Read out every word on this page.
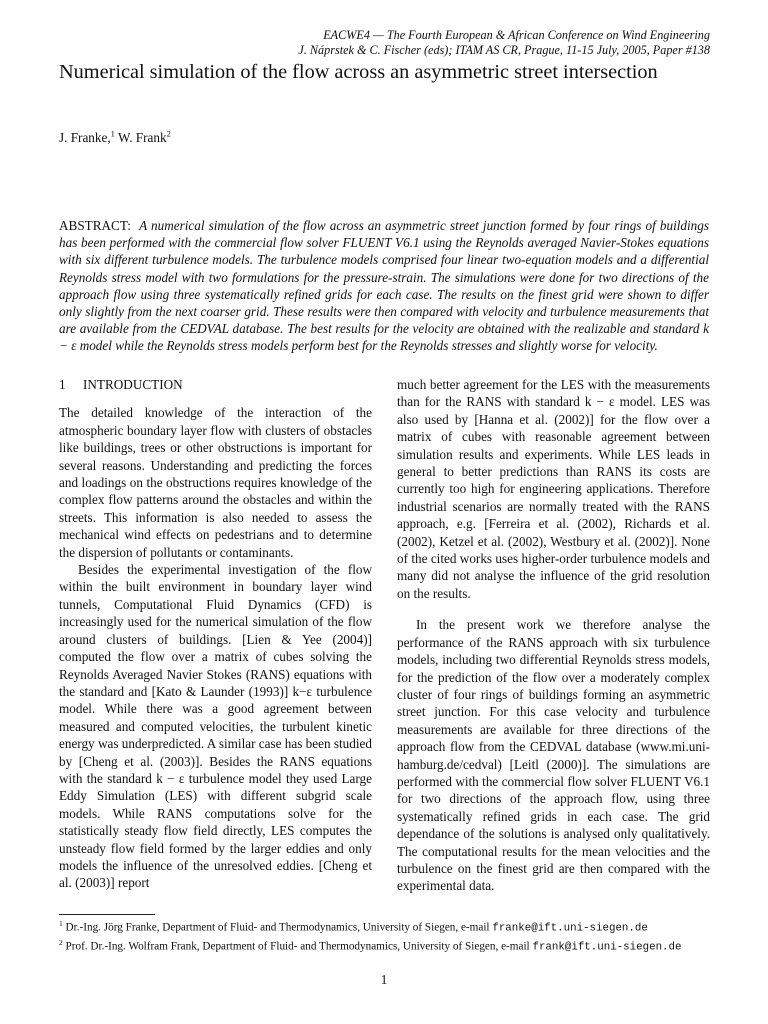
EACWE4 — The Fourth European & African Conference on Wind Engineering
J. Náprstek & C. Fischer (eds); ITAM AS CR, Prague, 11-15 July, 2005, Paper #138
Numerical simulation of the flow across an asymmetric street intersection
J. Franke,$^1$ W. Frank$^2$
ABSTRACT: A numerical simulation of the flow across an asymmetric street junction formed by four rings of buildings has been performed with the commercial flow solver FLUENT V6.1 using the Reynolds averaged Navier-Stokes equations with six different turbulence models. The turbulence models comprised four linear two-equation models and a differential Reynolds stress model with two formulations for the pressure-strain. The simulations were done for two directions of the approach flow using three systematically refined grids for each case. The results on the finest grid were shown to differ only slightly from the next coarser grid. These results were then compared with velocity and turbulence measurements that are available from the CEDVAL database. The best results for the velocity are obtained with the realizable and standard k − ε model while the Reynolds stress models perform best for the Reynolds stresses and slightly worse for velocity.
1 INTRODUCTION

The detailed knowledge of the interaction of the atmospheric boundary layer flow with clusters of obstacles like buildings, trees or other obstructions is important for several reasons. Understanding and predicting the forces and loadings on the obstructions requires knowledge of the complex flow patterns around the obstacles and within the streets. This information is also needed to assess the mechanical wind effects on pedestrians and to determine the dispersion of pollutants or contaminants.

Besides the experimental investigation of the flow within the built environment in boundary layer wind tunnels, Computational Fluid Dynamics (CFD) is increasingly used for the numerical simulation of the flow around clusters of buildings. [Lien & Yee (2004)] computed the flow over a matrix of cubes solving the Reynolds Averaged Navier Stokes (RANS) equations with the standard and [Kato & Launder (1993)] k−ε turbulence model. While there was a good agreement between measured and computed velocities, the turbulent kinetic energy was underpredicted. A similar case has been studied by [Cheng et al. (2003)]. Besides the RANS equations with the standard k − ε turbulence model they used Large Eddy Simulation (LES) with different subgrid scale models. While RANS computations solve for the statistically steady flow field directly, LES computes the unsteady flow field formed by the larger eddies and only models the influence of the unresolved eddies. [Cheng et al. (2003)] report

much better agreement for the LES with the measurements than for the RANS with standard k − ε model. LES was also used by [Hanna et al. (2002)] for the flow over a matrix of cubes with reasonable agreement between simulation results and experiments. While LES leads in general to better predictions than RANS its costs are currently too high for engineering applications. Therefore industrial scenarios are normally treated with the RANS approach, e.g. [Ferreira et al. (2002), Richards et al. (2002), Ketzel et al. (2002), Westbury et al. (2002)]. None of the cited works uses higher-order turbulence models and many did not analyse the influence of the grid resolution on the results.

In the present work we therefore analyse the performance of the RANS approach with six turbulence models, including two differential Reynolds stress models, for the prediction of the flow over a moderately complex cluster of four rings of buildings forming an asymmetric street junction. For this case velocity and turbulence measurements are available for three directions of the approach flow from the CEDVAL database (www.mi.uni-hamburg.de/cedval) [Leitl (2000)]. The simulations are performed with the commercial flow solver FLUENT V6.1 for two directions of the approach flow, using three systematically refined grids in each case. The grid dependance of the solutions is analysed only qualitatively. The computational results for the mean velocities and the turbulence on the finest grid are then compared with the experimental data.

$^1$ Dr.-Ing. Jörg Franke, Department of Fluid- and Thermodynamics, University of Siegen, e-mail franke@ift.uni-siegen.de

$^2$ Prof. Dr.-Ing. Wolfram Frank, Department of Fluid- and Thermodynamics, University of Siegen, e-mail frank@ift.uni-siegen.de

1
